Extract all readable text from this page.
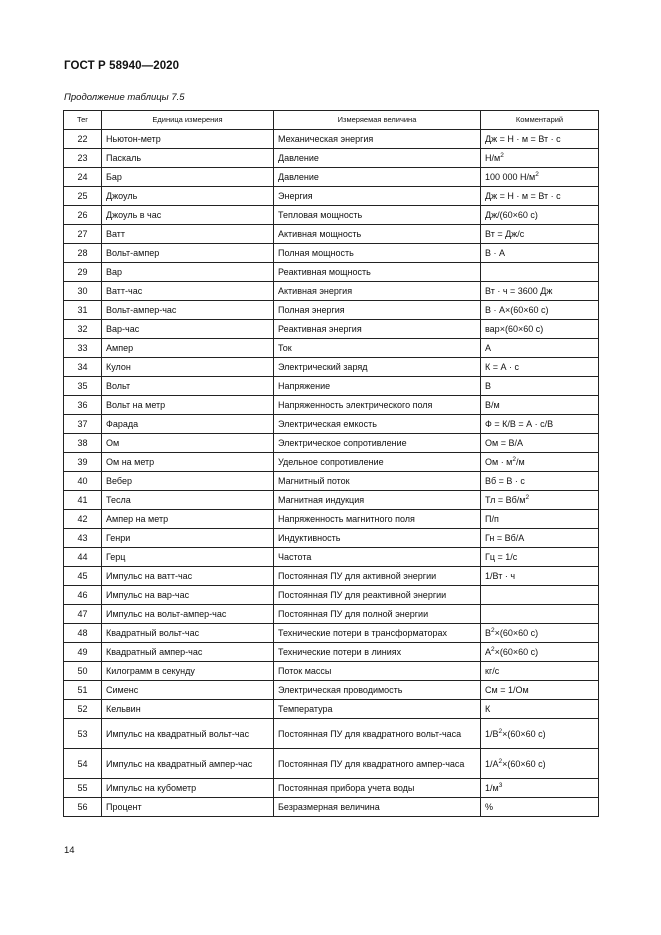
ГОСТ Р 58940—2020
Продолжение таблицы 7.5
Тег	Единица измерения	Измеряемая величина	Комментарий
22	Ньютон-метр	Механическая энергия	Дж = Н · м = Вт · с
23	Паскаль	Давление	$Н/м^2$
24	Бар	Давление	100 000 $Н/м^2$
25	Джоуль	Энергия	Дж = Н · м = Вт · с
26	Джоуль в час	Тепловая мощность	Дж/(60×60 с)
27	Ватт	Активная мощность	Вт = Дж/с
28	Вольт-ампер	Полная мощность	В · А
29	Вар	Реактивная мощность	
30	Ватт-час	Активная энергия	Вт · ч = 3600 Дж
31	Вольт-ампер-час	Полная энергия	В · А×(60×60 с)
32	Вар-час	Реактивная энергия	вар×(60×60 с)
33	Ампер	Ток	А
34	Кулон	Электрический заряд	К = А · с
35	Вольт	Напряжение	В
36	Вольт на метр	Напряженность электрического поля	В/м
37	Фарада	Электрическая емкость	Ф = К/В = А · с/В
38	Ом	Электрическое сопротивление	Ом = В/А
39	Ом на метр	Удельное сопротивление	Ом · $м^2/м$
40	Вебер	Магнитный поток	Вб = В · с
41	Тесла	Магнитная индукция	Тл = $Вб/м^2$
42	Ампер на метр	Напряженность магнитного поля	П/п
43	Генри	Индуктивность	Гн = Вб/А
44	Герц	Частота	Гц = 1/с
45	Импульс на ватт-час	Постоянная ПУ для активной энергии	1/Вт · ч
46	Импульс на вар-час	Постоянная ПУ для реактивной энергии	
47	Импульс на вольт-ампер-час	Постоянная ПУ для полной энергии	
48	Квадратный вольт-час	Технические потери в трансформаторах	$В^2\times(60\times 60$ с)
49	Квадратный ампер-час	Технические потери в линиях	$А^2\times(60\times 60$ с)
50	Килограмм в секунду	Поток массы	кг/с
51	Сименс	Электрическая проводимость	См = 1/Ом
52	Кельвин	Температура	К
53	Импульс на квадратный вольт-час	Постоянная ПУ для квадратного вольт-часа	$1/В^2\times(60\times 60$ с)
54	Импульс на квадратный ампер-час	Постоянная ПУ для квадратного ампер-часа	$1/А^2\times(60\times 60$ с)
55	Импульс на кубометр	Постоянная прибора учета воды	$1/м^3$
56	Процент	Безразмерная величина	%
14
